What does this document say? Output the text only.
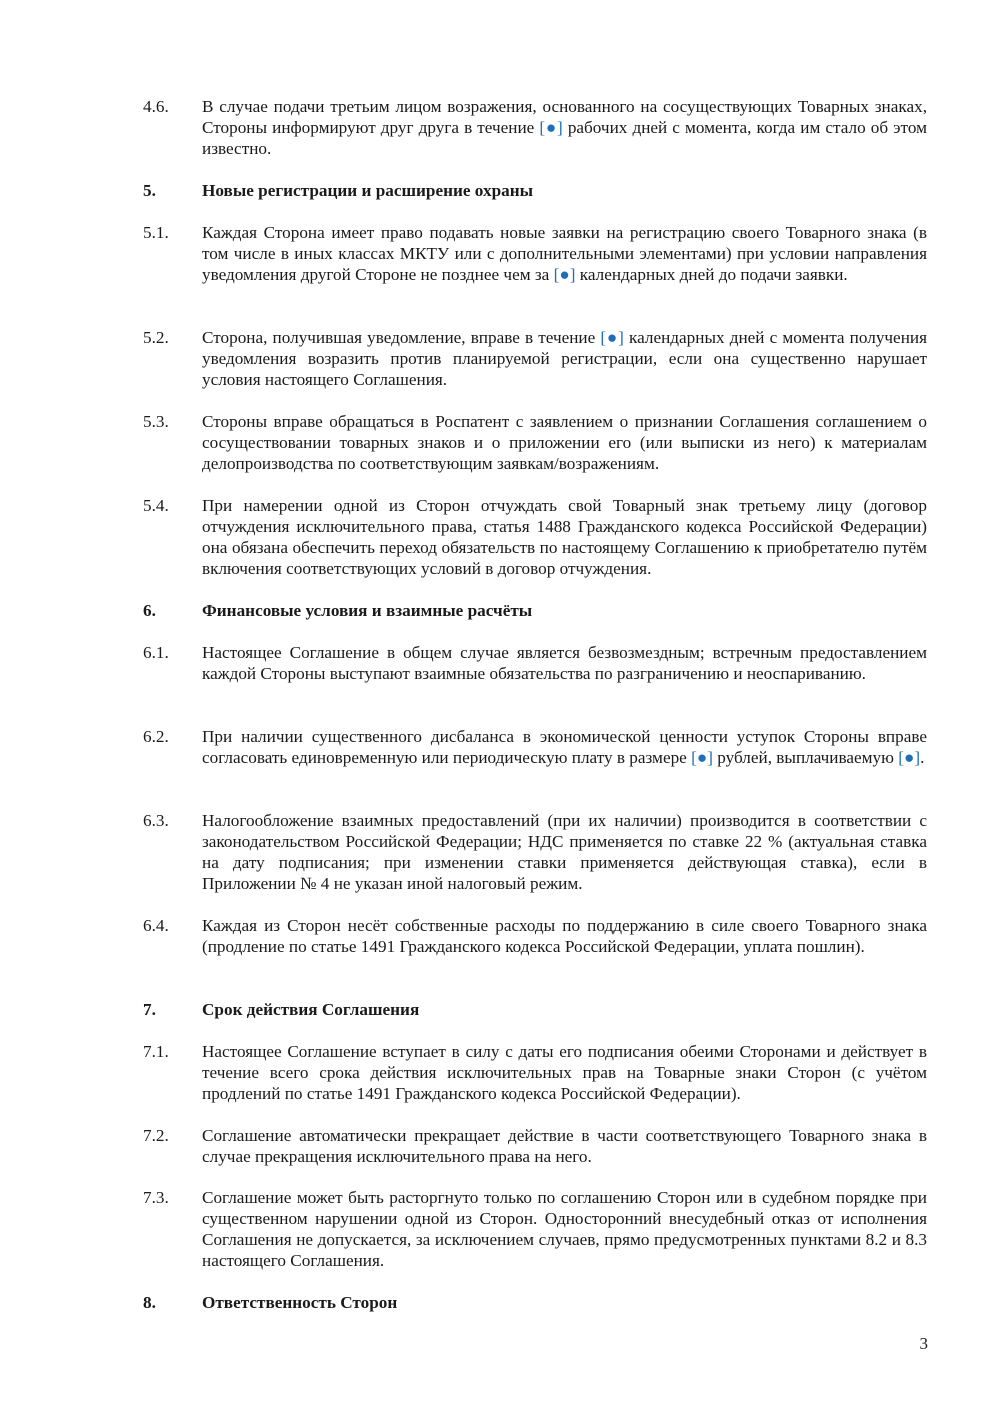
4.6.	В случае подачи третьим лицом возражения, основанного на сосуществующих Товарных знаках, Стороны информируют друг друга в течение [●] рабочих дней с момента, когда им стало об этом известно.
5.	Новые регистрации и расширение охраны
5.1.	Каждая Сторона имеет право подавать новые заявки на регистрацию своего Товарного знака (в том числе в иных классах МКТУ или с дополнительными элементами) при условии направления уведомления другой Стороне не позднее чем за [●] календарных дней до подачи заявки.
5.2.	Сторона, получившая уведомление, вправе в течение [●] календарных дней с момента получения уведомления возразить против планируемой регистрации, если она существенно нарушает условия настоящего Соглашения.
5.3.	Стороны вправе обращаться в Роспатент с заявлением о признании Соглашения соглашением о сосуществовании товарных знаков и о приложении его (или выписки из него) к материалам делопроизводства по соответствующим заявкам/возражениям.
5.4.	При намерении одной из Сторон отчуждать свой Товарный знак третьему лицу (договор отчуждения исключительного права, статья 1488 Гражданского кодекса Российской Федерации) она обязана обеспечить переход обязательств по настоящему Соглашению к приобретателю путём включения соответствующих условий в договор отчуждения.
6.	Финансовые условия и взаимные расчёты
6.1.	Настоящее Соглашение в общем случае является безвозмездным; встречным предоставлением каждой Стороны выступают взаимные обязательства по разграничению и неоспариванию.
6.2.	При наличии существенного дисбаланса в экономической ценности уступок Стороны вправе согласовать единовременную или периодическую плату в размере [●] рублей, выплачиваемую [●].
6.3.	Налогообложение взаимных предоставлений (при их наличии) производится в соответствии с законодательством Российской Федерации; НДС применяется по ставке 22 % (актуальная ставка на дату подписания; при изменении ставки применяется действующая ставка), если в Приложении № 4 не указан иной налоговый режим.
6.4.	Каждая из Сторон несёт собственные расходы по поддержанию в силе своего Товарного знака (продление по статье 1491 Гражданского кодекса Российской Федерации, уплата пошлин).
7.	Срок действия Соглашения
7.1.	Настоящее Соглашение вступает в силу с даты его подписания обеими Сторонами и действует в течение всего срока действия исключительных прав на Товарные знаки Сторон (с учётом продлений по статье 1491 Гражданского кодекса Российской Федерации).
7.2.	Соглашение автоматически прекращает действие в части соответствующего Товарного знака в случае прекращения исключительного права на него.
7.3.	Соглашение может быть расторгнуто только по соглашению Сторон или в судебном порядке при существенном нарушении одной из Сторон. Односторонний внесудебный отказ от исполнения Соглашения не допускается, за исключением случаев, прямо предусмотренных пунктами 8.2 и 8.3 настоящего Соглашения.
8.	Ответственность Сторон
3
